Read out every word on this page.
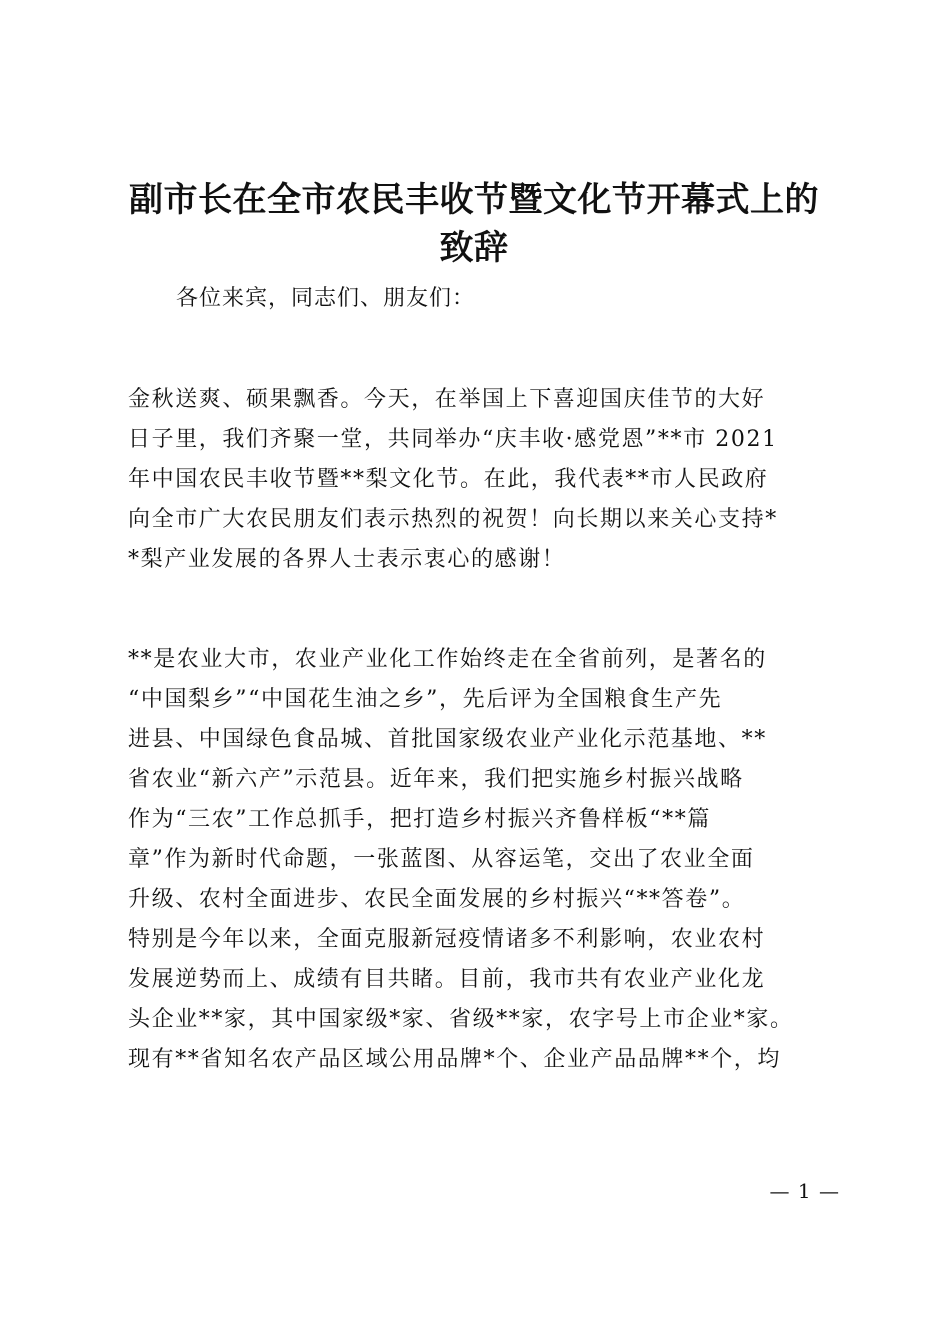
副市长在全市农民丰收节暨文化节开幕式上的
致辞

各位来宾，同志们、朋友们：

金秋送爽、硕果飘香。今天，在举国上下喜迎国庆佳节的大好
日子里，我们齐聚一堂，共同举办“庆丰收·感党恩”**市 2021
年中国农民丰收节暨**梨文化节。在此，我代表**市人民政府
向全市广大农民朋友们表示热烈的祝贺！向长期以来关心支持*
*梨产业发展的各界人士表示衷心的感谢！

**是农业大市，农业产业化工作始终走在全省前列，是著名的
“中国梨乡”“中国花生油之乡”，先后评为全国粮食生产先
进县、中国绿色食品城、首批国家级农业产业化示范基地、**
省农业“新六产”示范县。近年来，我们把实施乡村振兴战略
作为“三农”工作总抓手，把打造乡村振兴齐鲁样板“**篇
章”作为新时代命题，一张蓝图、从容运笔，交出了农业全面
升级、农村全面进步、农民全面发展的乡村振兴“**答卷”。
特别是今年以来，全面克服新冠疫情诸多不利影响，农业农村
发展逆势而上、成绩有目共睹。目前，我市共有农业产业化龙
头企业**家，其中国家级*家、省级**家，农字号上市企业*家。
现有**省知名农产品区域公用品牌*个、企业产品品牌**个，均

— 1 —
